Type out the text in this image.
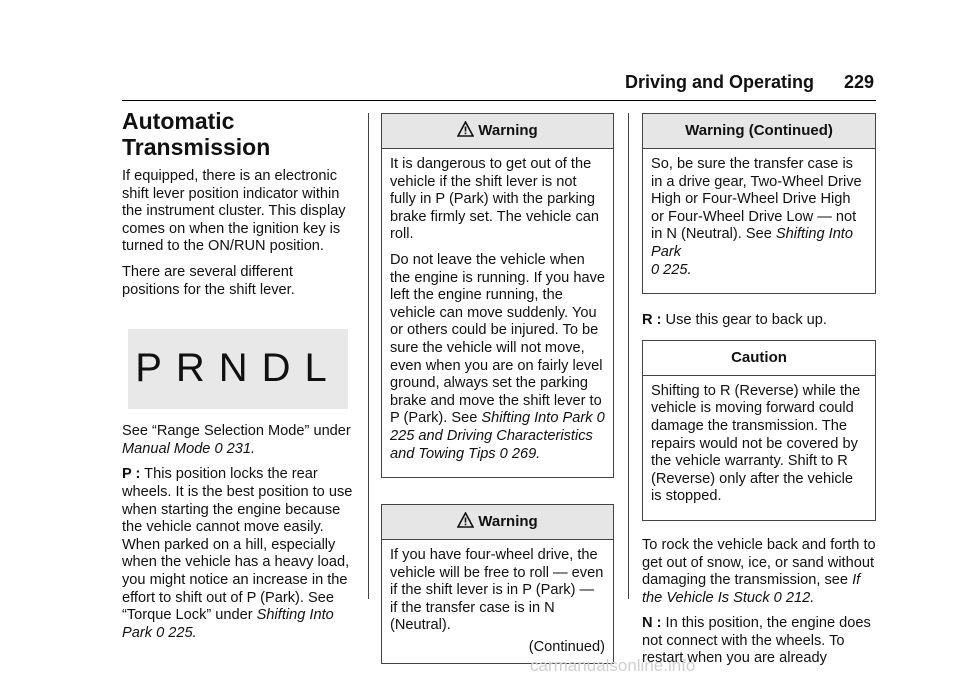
Driving and Operating 229
Automatic
Transmission

If equipped, there is an electronic shift lever position indicator within the instrument cluster. This display comes on when the ignition key is turned to the ON/RUN position.

There are several different positions for the shift lever.

PRNDL

See “Range Selection Mode” under Manual Mode 0 231.

P : This position locks the rear wheels. It is the best position to use when starting the engine because the vehicle cannot move easily. When parked on a hill, especially when the vehicle has a heavy load, you might notice an increase in the effort to shift out of P (Park). See “Torque Lock” under Shifting Into Park 0 225.

Warning

It is dangerous to get out of the vehicle if the shift lever is not fully in P (Park) with the parking brake firmly set. The vehicle can roll.

Do not leave the vehicle when the engine is running. If you have left the engine running, the vehicle can move suddenly. You or others could be injured. To be sure the vehicle will not move, even when you are on fairly level ground, always set the parking brake and move the shift lever to P (Park). See Shifting Into Park 0 225 and Driving Characteristics and Towing Tips 0 269.

Warning

If you have four-wheel drive, the vehicle will be free to roll — even if the shift lever is in P (Park) — if the transfer case is in N (Neutral).

(Continued)

Warning (Continued)

So, be sure the transfer case is in a drive gear, Two-Wheel Drive High or Four-Wheel Drive High or Four-Wheel Drive Low — not in N (Neutral). See Shifting Into Park
0 225.

R : Use this gear to back up.

Caution

Shifting to R (Reverse) while the vehicle is moving forward could damage the transmission. The repairs would not be covered by the vehicle warranty. Shift to R (Reverse) only after the vehicle is stopped.

To rock the vehicle back and forth to get out of snow, ice, or sand without damaging the transmission, see If the Vehicle Is Stuck 0 212.

N : In this position, the engine does not connect with the wheels. To restart when you are already

carmanualsonline.info
